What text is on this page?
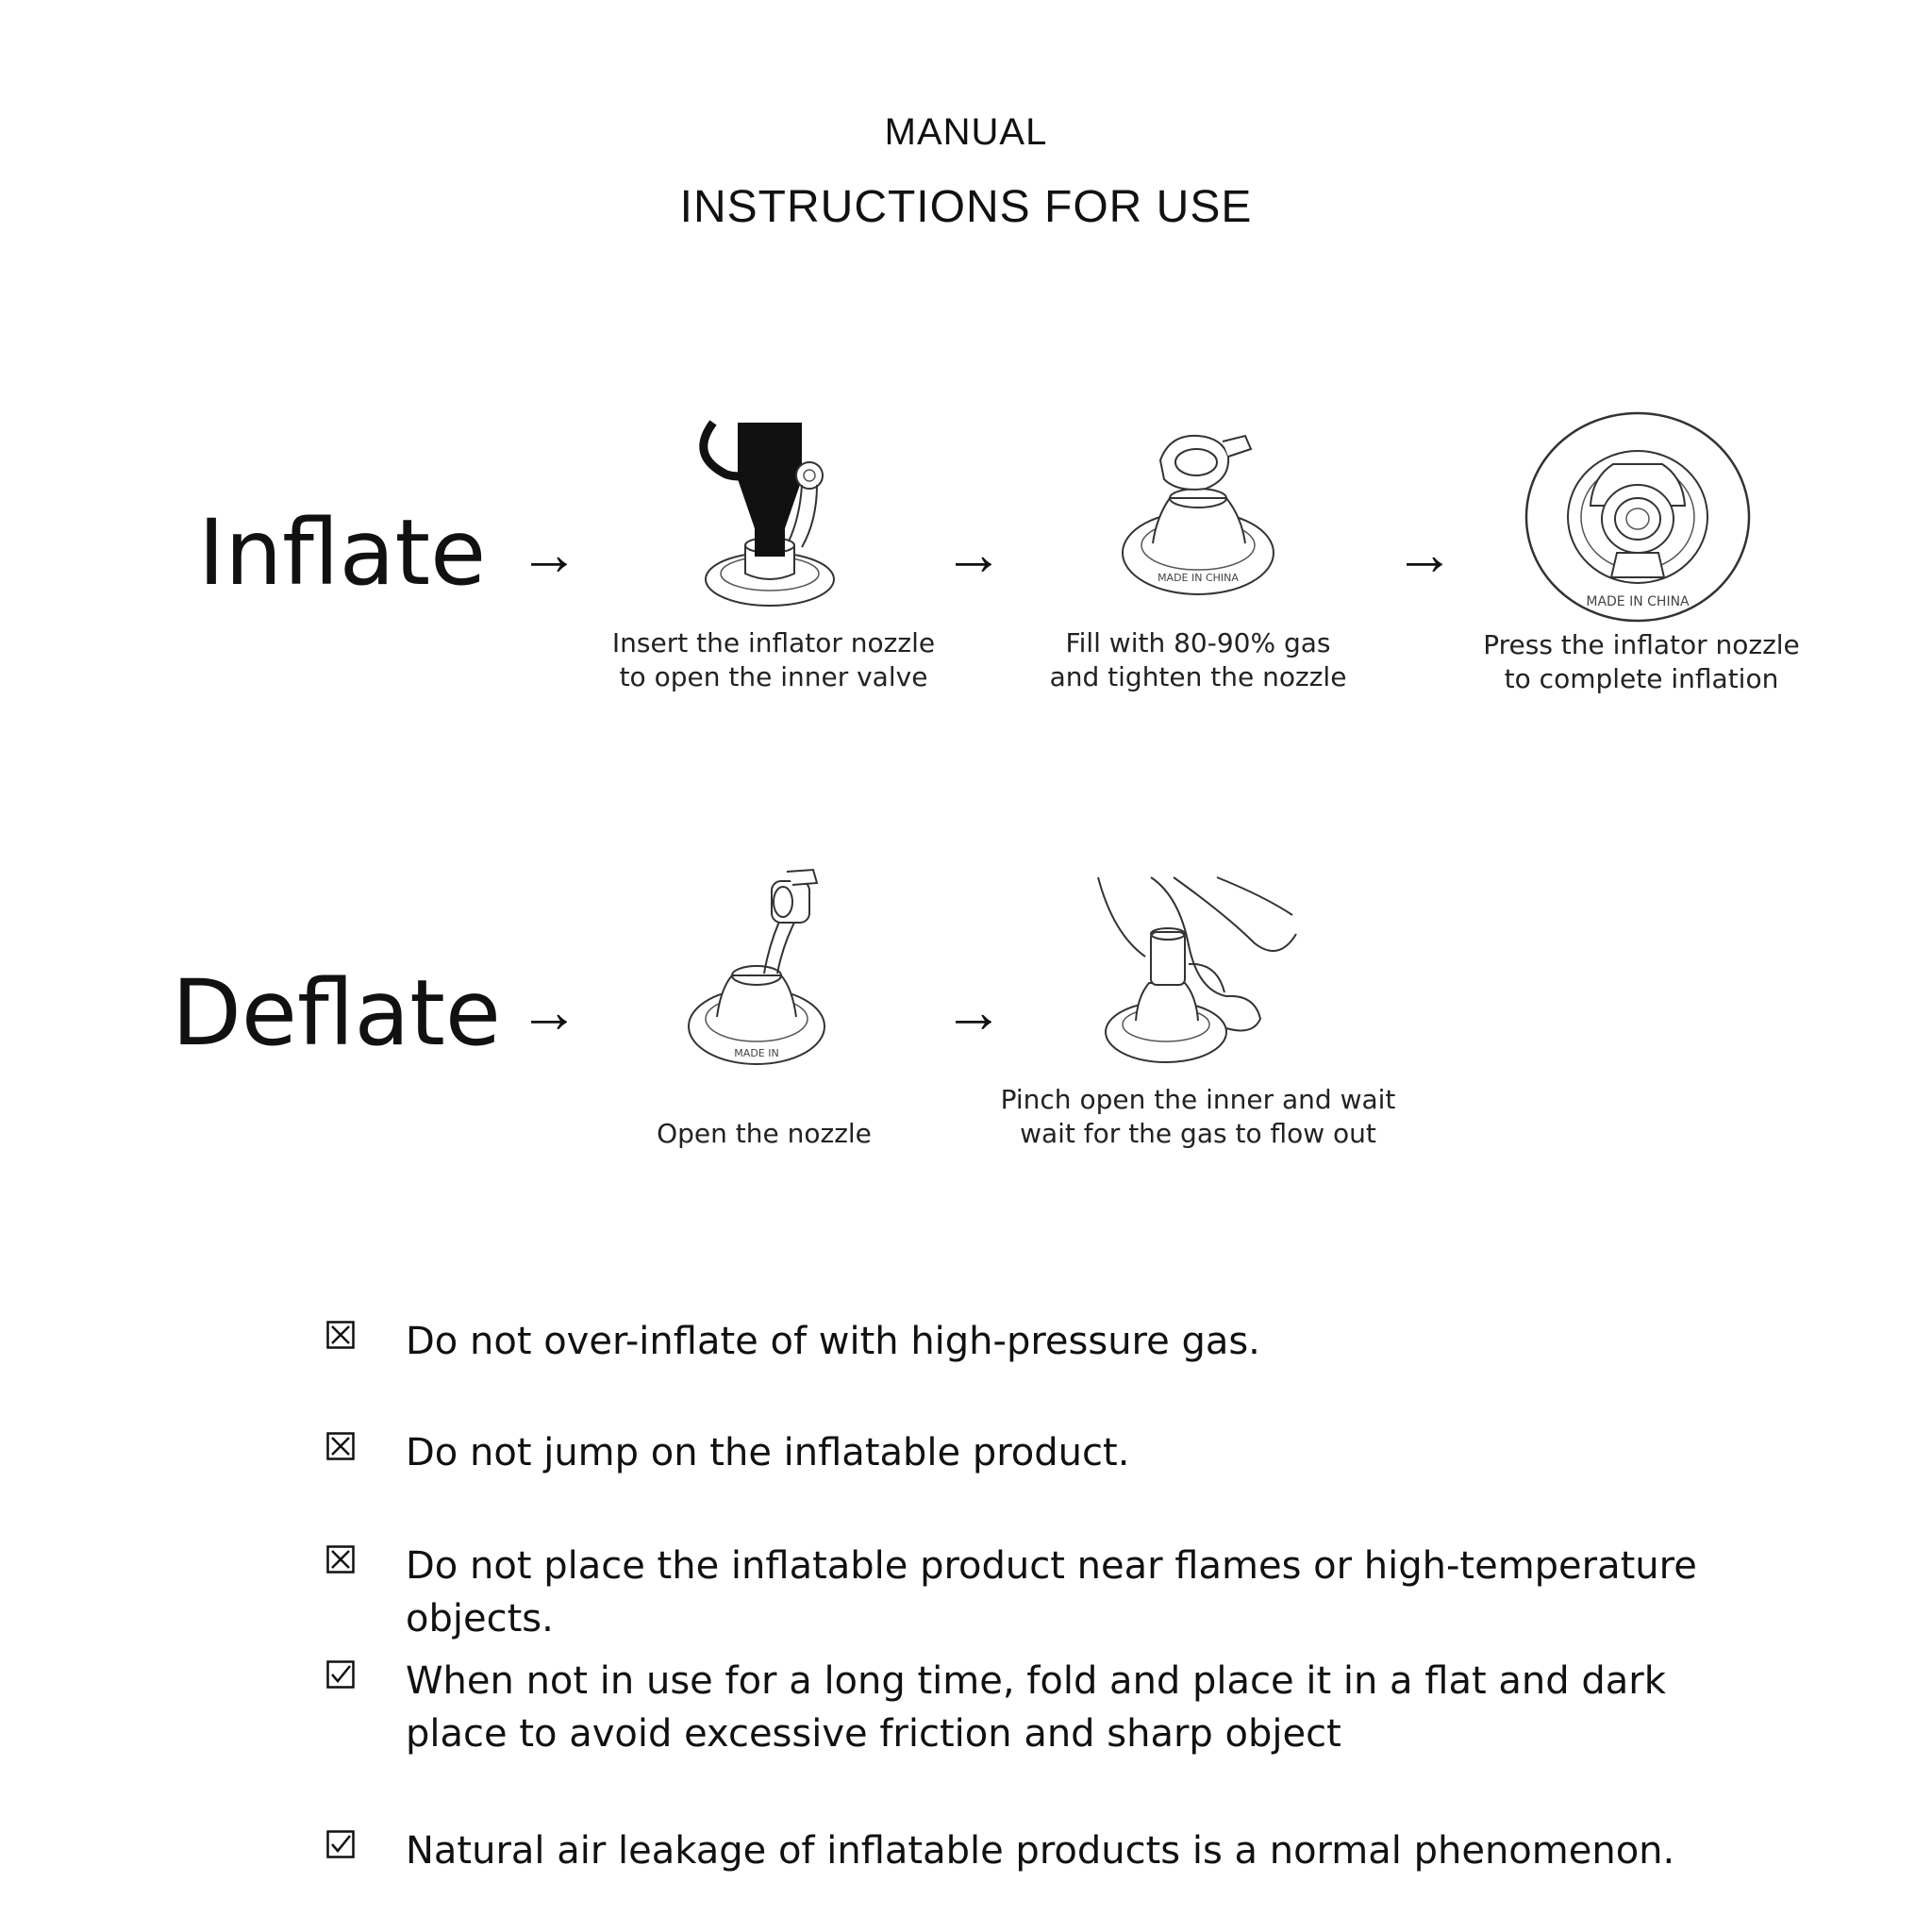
MANUAL
INSTRUCTIONS FOR USE
Inflate →
Insert the inflator nozzle
to open the inner valve
→	MADE IN CHINA
Fill with 80-90% gas
and tighten the nozzle
→
MADE IN CHINA
Press the inflator nozzle
to complete inflation
Deflate →
MADE IN
Open the nozzle
→
Pinch open the inner and wait
wait for the gas to flow out
Do not over-inflate of with high-pressure gas.
Do not jump on the inflatable product.
Do not place the inflatable product near flames or high-temperature objects.
When not in use for a long time, fold and place it in a flat and dark
place to avoid excessive friction and sharp object
Natural air leakage of inflatable products is a normal phenomenon.
